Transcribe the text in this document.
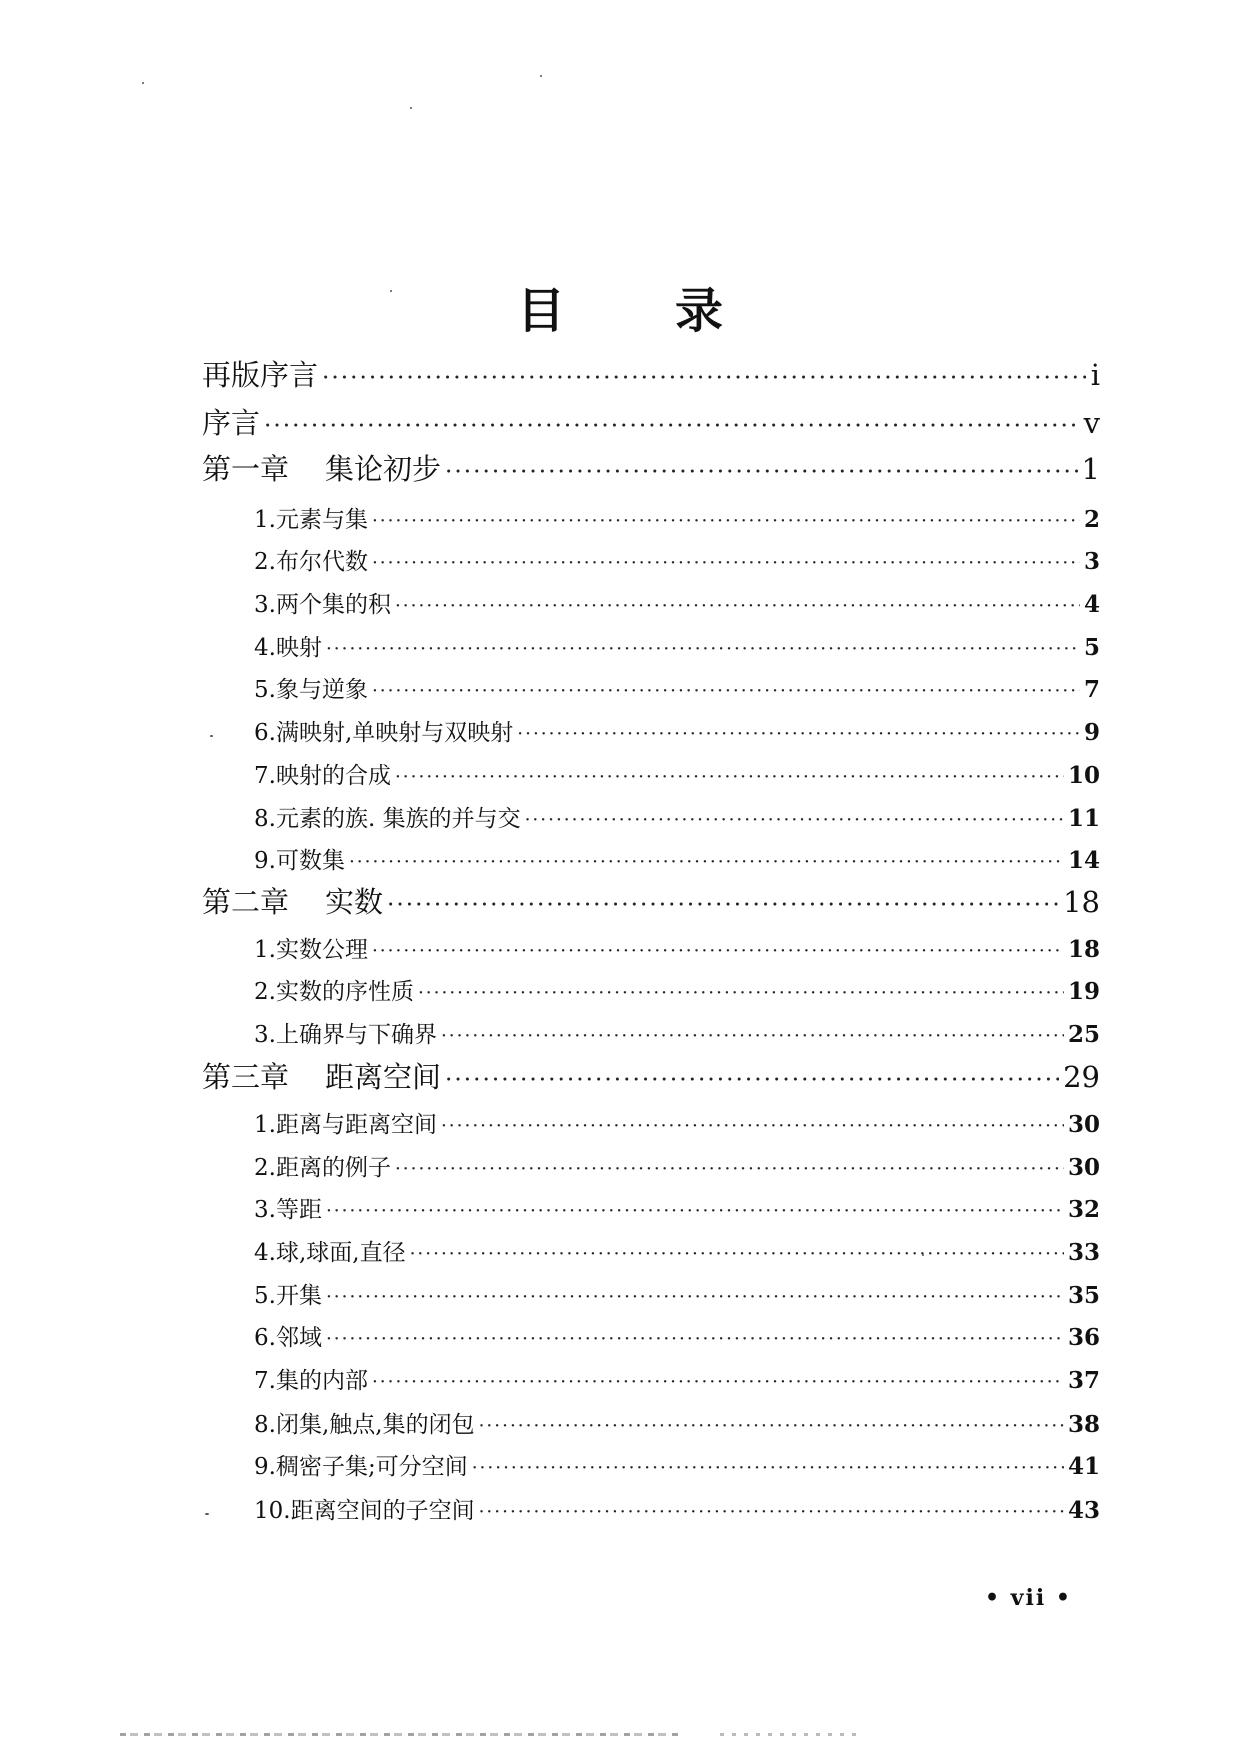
目 录
再版序言 ·····	i
序言 ·····	v
第一章 集论初步 ·····	1
1.元素与集 ·····	2
2.布尔代数 ·····	3
3.两个集的积 ·····	4
4.映射 ·····	5
5.象与逆象 ·····	7
6.满映射,单映射与双映射 ·····	9
7.映射的合成 ·····	10
8.元素的族. 集族的并与交 ·····	11
9.可数集 ·····	14
第二章 实数 ·····	18
1.实数公理 ·····	18
2.实数的序性质 ·····	19
3.上确界与下确界 ·····	25
第三章 距离空间 ·····	29
1.距离与距离空间 ·····	30
2.距离的例子 ·····	30
3.等距 ·····	32
4.球,球面,直径 ·····	33
5.开集 ·····	35
6.邻域 ·····	36
7.集的内部 ·····	37
8.闭集,触点,集的闭包 ·····	38
9.稠密子集;可分空间 ·····	41
10.距离空间的子空间 ·····	43
• vii •
